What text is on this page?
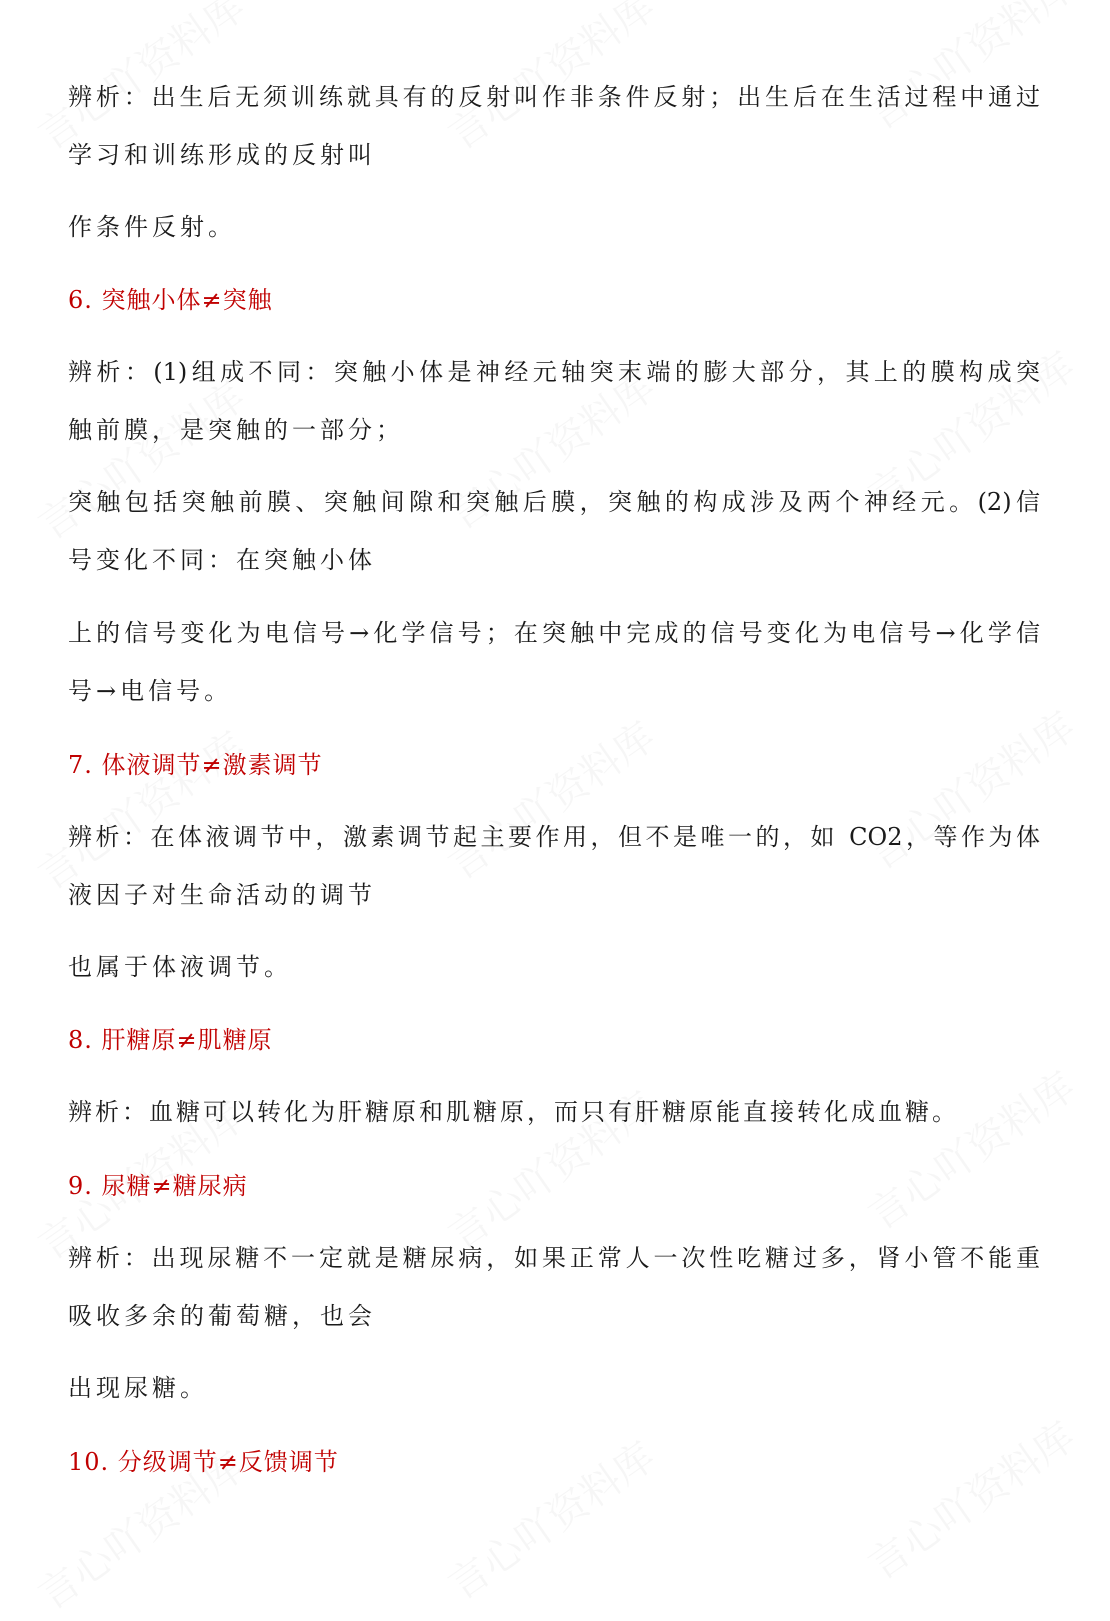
辨析：出生后无须训练就具有的反射叫作非条件反射；出生后在生活过程中通过
学习和训练形成的反射叫
作条件反射。
6. 突触小体≠突触
辨析：(1)组成不同：突触小体是神经元轴突末端的膨大部分，其上的膜构成突
触前膜，是突触的一部分；
突触包括突触前膜、突触间隙和突触后膜，突触的构成涉及两个神经元。(2)信
号变化不同：在突触小体
上的信号变化为电信号→化学信号；在突触中完成的信号变化为电信号→化学信
号→电信号。
7. 体液调节≠激素调节
辨析：在体液调节中，激素调节起主要作用，但不是唯一的，如 CO2，等作为体
液因子对生命活动的调节
也属于体液调节。
8. 肝糖原≠肌糖原
辨析：血糖可以转化为肝糖原和肌糖原，而只有肝糖原能直接转化成血糖。
9. 尿糖≠糖尿病
辨析：出现尿糖不一定就是糖尿病，如果正常人一次性吃糖过多，肾小管不能重
吸收多余的葡萄糖，也会
出现尿糖。
10. 分级调节≠反馈调节
